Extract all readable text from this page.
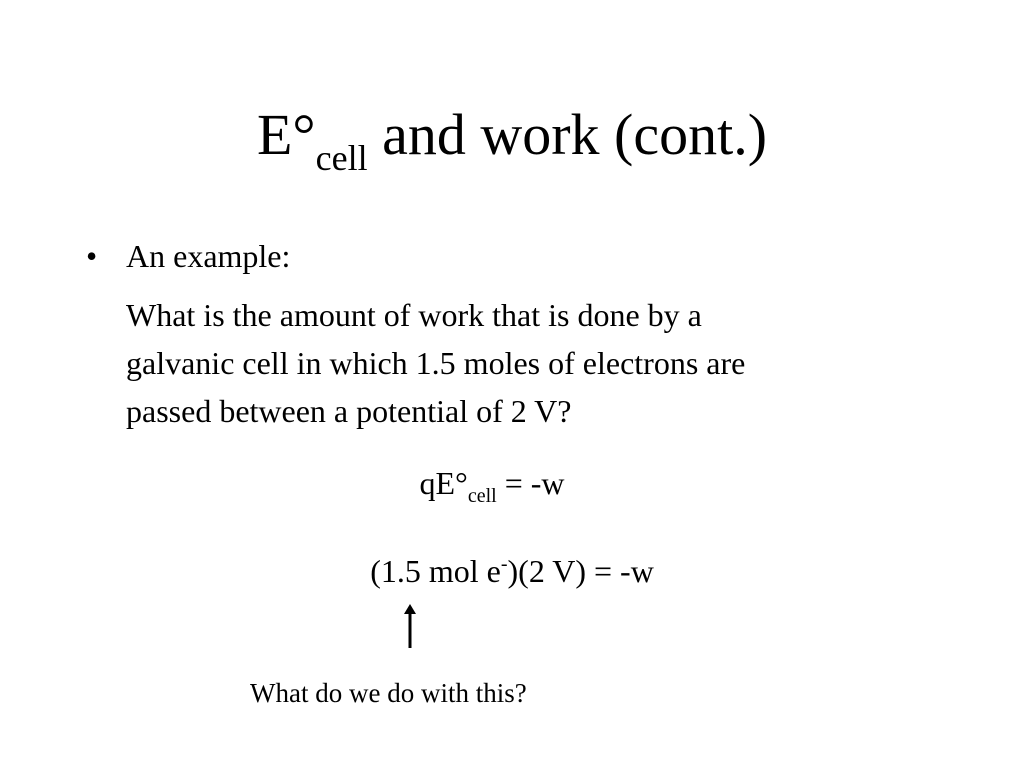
$E^\circ_{cell}$ and work (cont.)
• An example:
What is the amount of work that is done by a
galvanic cell in which 1.5 moles of electrons are
passed between a potential of 2 V?
$qE^\circ_{cell} = -w$
(1.5 mol e-)(2 V) = -w
What do we do with this?
